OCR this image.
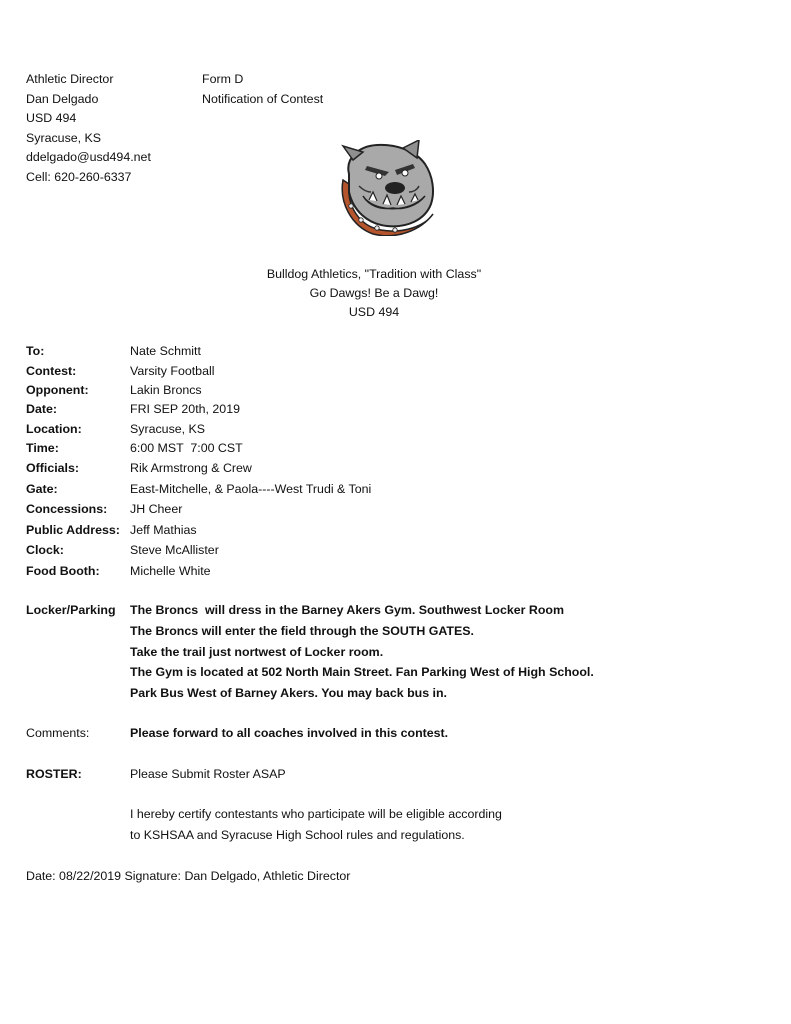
Athletic Director
Dan Delgado
USD 494
Syracuse, KS
ddelgado@usd494.net
Cell: 620-260-6337
Form D
Notification of Contest
Bulldog Athletics, "Tradition with Class"
Go Dawgs! Be a Dawg!
USD 494
To:	Nate Schmitt
Contest:	Varsity Football
Opponent:	Lakin Broncs
Date:	FRI SEP 20th, 2019
Location:	Syracuse, KS
Time:	6:00 MST  7:00 CST
Officials:	Rik Armstrong & Crew
Gate:	East-Mitchelle, & Paola----West Trudi & Toni
Concessions: JH Cheer
Public Address: Jeff Mathias
Clock:	Steve McAllister
Food Booth: Michelle White
Locker/Parking The Broncs  will dress in the Barney Akers Gym. Southwest Locker Room
The Broncs will enter the field through the SOUTH GATES.
Take the trail just nortwest of Locker room.
The Gym is located at 502 North Main Street. Fan Parking West of High School.
Park Bus West of Barney Akers. You may back bus in.
Comments:	Please forward to all coaches involved in this contest.
ROSTER:	Please Submit Roster ASAP
I hereby certify contestants who participate will be eligible according
to KSHSAA and Syracuse High School rules and regulations.
Date: 08/22/2019 Signature: Dan Delgado, Athletic Director
